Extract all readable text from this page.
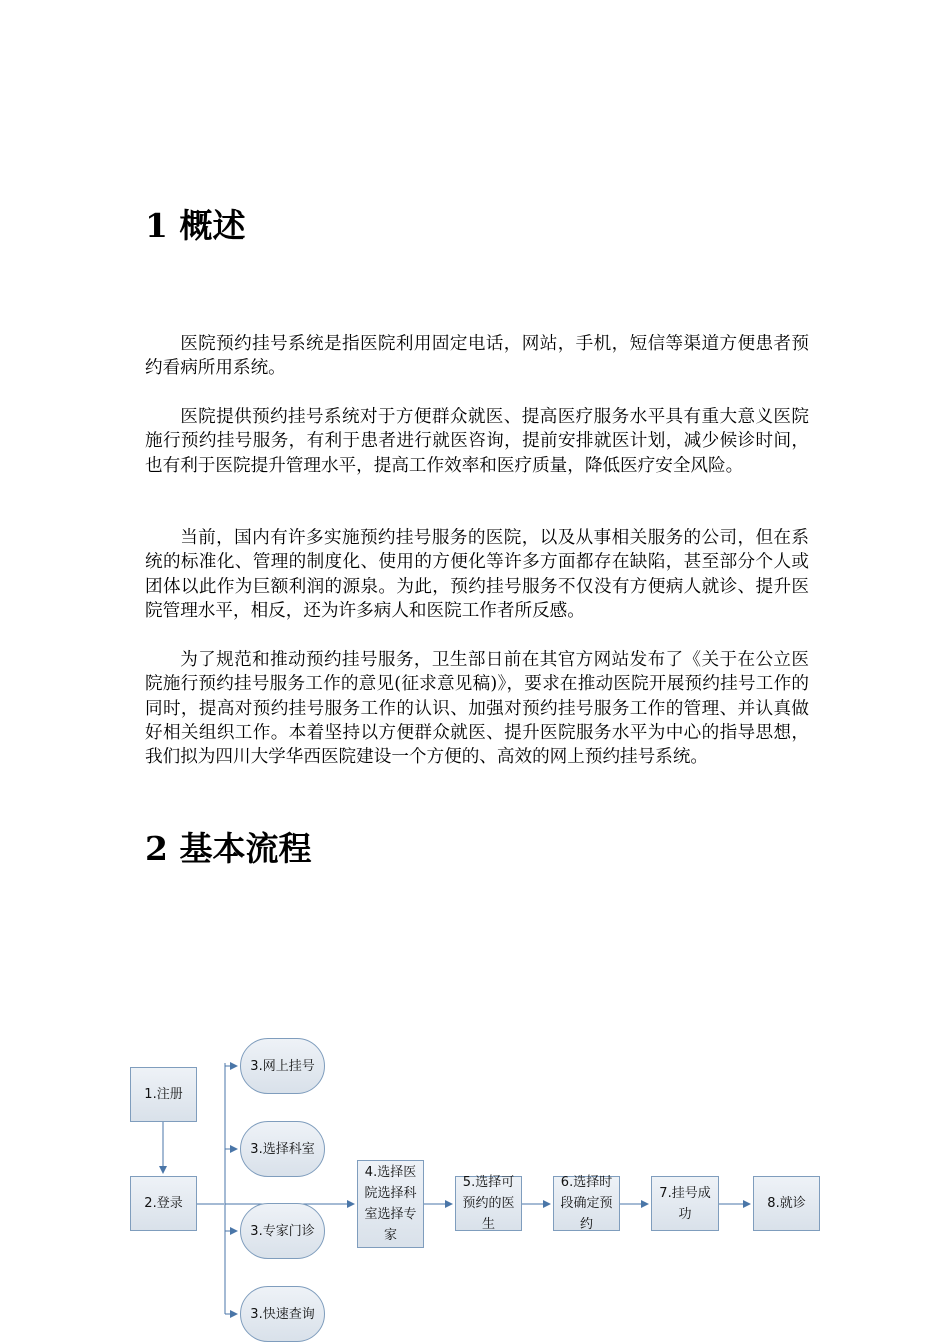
1 概述

医院预约挂号系统是指医院利用固定电话，网站，手机，短信等渠道方便患者预约看病所用系统。

医院提供预约挂号系统对于方便群众就医、提高医疗服务水平具有重大意义医院施行预约挂号服务，有利于患者进行就医咨询，提前安排就医计划，减少候诊时间，也有利于医院提升管理水平，提高工作效率和医疗质量，降低医疗安全风险。

当前，国内有许多实施预约挂号服务的医院，以及从事相关服务的公司，但在系统的标准化、管理的制度化、使用的方便化等许多方面都存在缺陷，甚至部分个人或团体以此作为巨额利润的源泉。为此，预约挂号服务不仅没有方便病人就诊、提升医院管理水平，相反，还为许多病人和医院工作者所反感。

为了规范和推动预约挂号服务，卫生部日前在其官方网站发布了《关于在公立医院施行预约挂号服务工作的意见(征求意见稿)》，要求在推动医院开展预约挂号工作的同时，提高对预约挂号服务工作的认识、加强对预约挂号服务工作的管理、并认真做好相关组织工作。本着坚持以方便群众就医、提升医院服务水平为中心的指导思想，我们拟为四川大学华西医院建设一个方便的、高效的网上预约挂号系统。

2 基本流程
1.注册
2.登录
3.网上挂号
3.选择科室
3.专家门诊
3.快速查询
4.选择医院选择科室选择专家
5.选择可预约的医生
6.选择时段确定预约
7.挂号成功
8.就诊
